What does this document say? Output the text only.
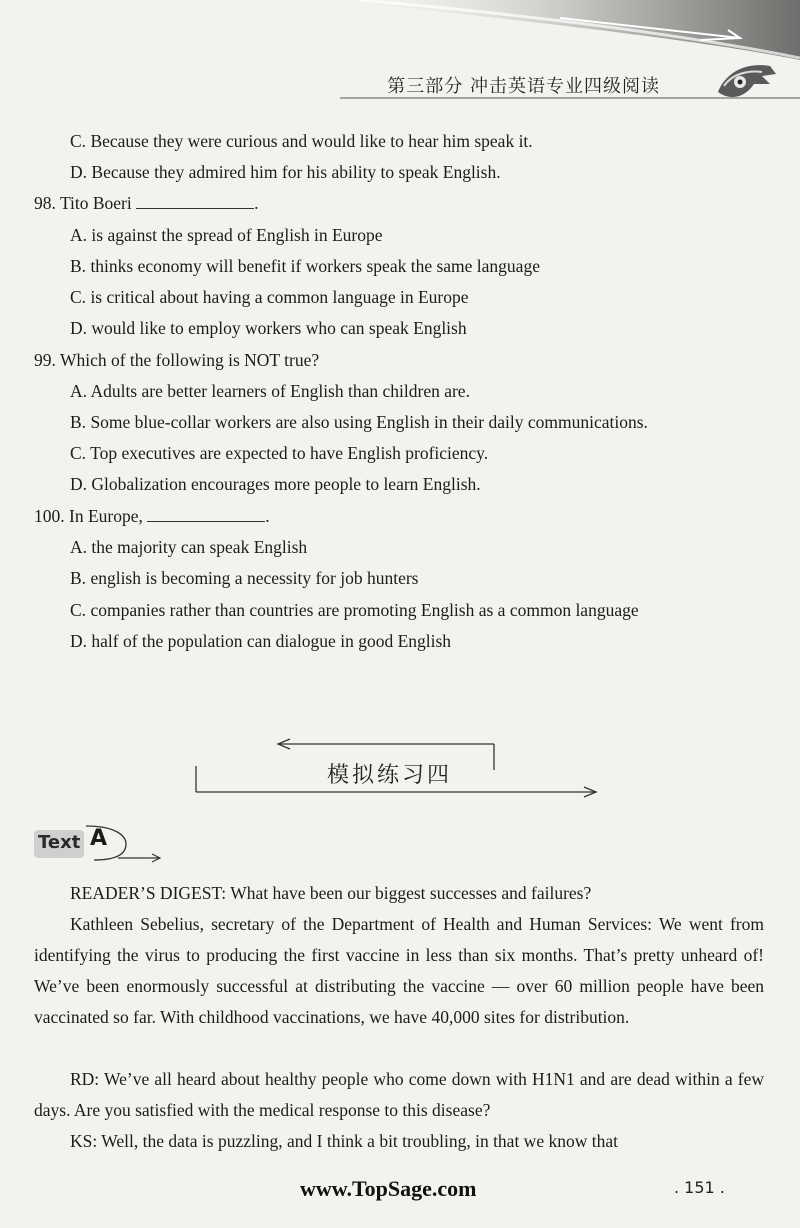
第三部分 冲击英语专业四级阅读
C. Because they were curious and would like to hear him speak it.
D. Because they admired him for his ability to speak English.
98. Tito Boeri	.
A. is against the spread of English in Europe
B. thinks economy will benefit if workers speak the same language
C. is critical about having a common language in Europe
D. would like to employ workers who can speak English
99. Which of the following is NOT true?
A. Adults are better learners of English than children are.
B. Some blue-collar workers are also using English in their daily communications.
C. Top executives are expected to have English proficiency.
D. Globalization encourages more people to learn English.
100. In Europe,	.
A. the majority can speak English
B. english is becoming a necessity for job hunters
C. companies rather than countries are promoting English as a common language
D. half of the population can dialogue in good English
模拟练习四
Text A
READER’S DIGEST: What have been our biggest successes and failures?
Kathleen Sebelius, secretary of the Department of Health and Human Services: We went from identifying the virus to producing the first vaccine in less than six months. That’s pretty unheard of! We’ve been enormously successful at distributing the vaccine — over 60 million people have been vaccinated so far. With childhood vaccinations, we have 40,000 sites for distribution.
RD: We’ve all heard about healthy people who come down with H1N1 and are dead within a few days. Are you satisfied with the medical response to this disease?
KS: Well, the data is puzzling, and I think a bit troubling, in that we know that
www.TopSage.com	. 151 .
